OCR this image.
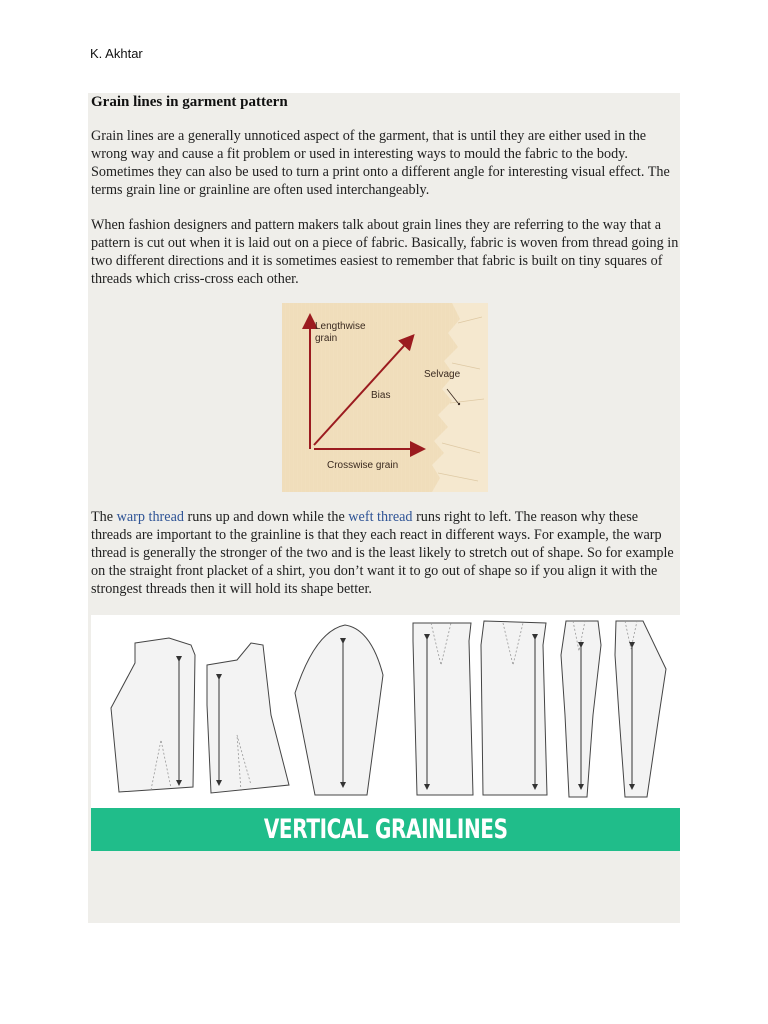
K. Akhtar
Grain lines in garment pattern
Grain lines are a generally unnoticed aspect of the garment, that is until they are either used in the wrong way and cause a fit problem or used in interesting ways to mould the fabric to the body. Sometimes they can also be used to turn a print onto a different angle for interesting visual effect. The terms grain line or grainline are often used interchangeably.
When fashion designers and pattern makers talk about grain lines they are referring to the way that a pattern is cut out when it is laid out on a piece of fabric. Basically, fabric is woven from thread going in two different directions and it is sometimes easiest to remember that fabric is built on tiny squares of threads which criss-cross each other.
Lengthwise
grain
Bias
Selvage
Crosswise grain
The warp thread runs up and down while the weft thread runs right to left. The reason why these threads are important to the grainline is that they each react in different ways. For example, the warp thread is generally the stronger of the two and is the least likely to stretch out of shape. So for example on the straight front placket of a shirt, you don’t want it to go out of shape so if you align it with the strongest threads then it will hold its shape better.
VERTICAL GRAINLINES
